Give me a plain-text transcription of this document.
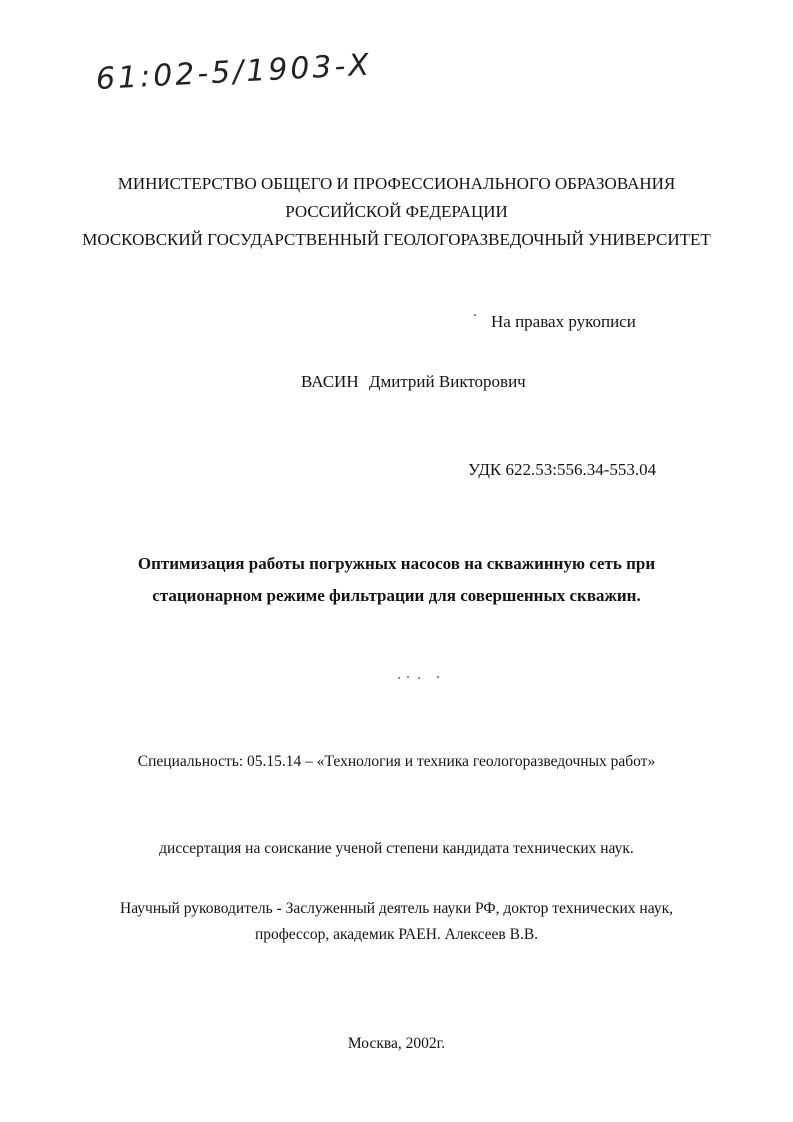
61:02-5/1903-Х
МИНИСТЕРСТВО ОБЩЕГО И ПРОФЕССИОНАЛЬНОГО ОБРАЗОВАНИЯ
РОССИЙСКОЙ ФЕДЕРАЦИИ
МОСКОВСКИЙ ГОСУДАРСТВЕННЫЙ ГЕОЛОГОРАЗВЕДОЧНЫЙ УНИВЕРСИТЕТ
На правах рукописи
ВАСИН Дмитрий Викторович
УДК 622.53:556.34-553.04
Оптимизация работы погружных насосов на скважинную сеть при
стационарном режиме фильтрации для совершенных скважин.
Специальность: 05.15.14 – «Технология и техника геологоразведочных работ»
диссертация на соискание ученой степени кандидата технических наук.
Научный руководитель - Заслуженный деятель науки РФ, доктор технических наук,
профессор, академик РАЕН. Алексеев В.В.
Москва, 2002г.
